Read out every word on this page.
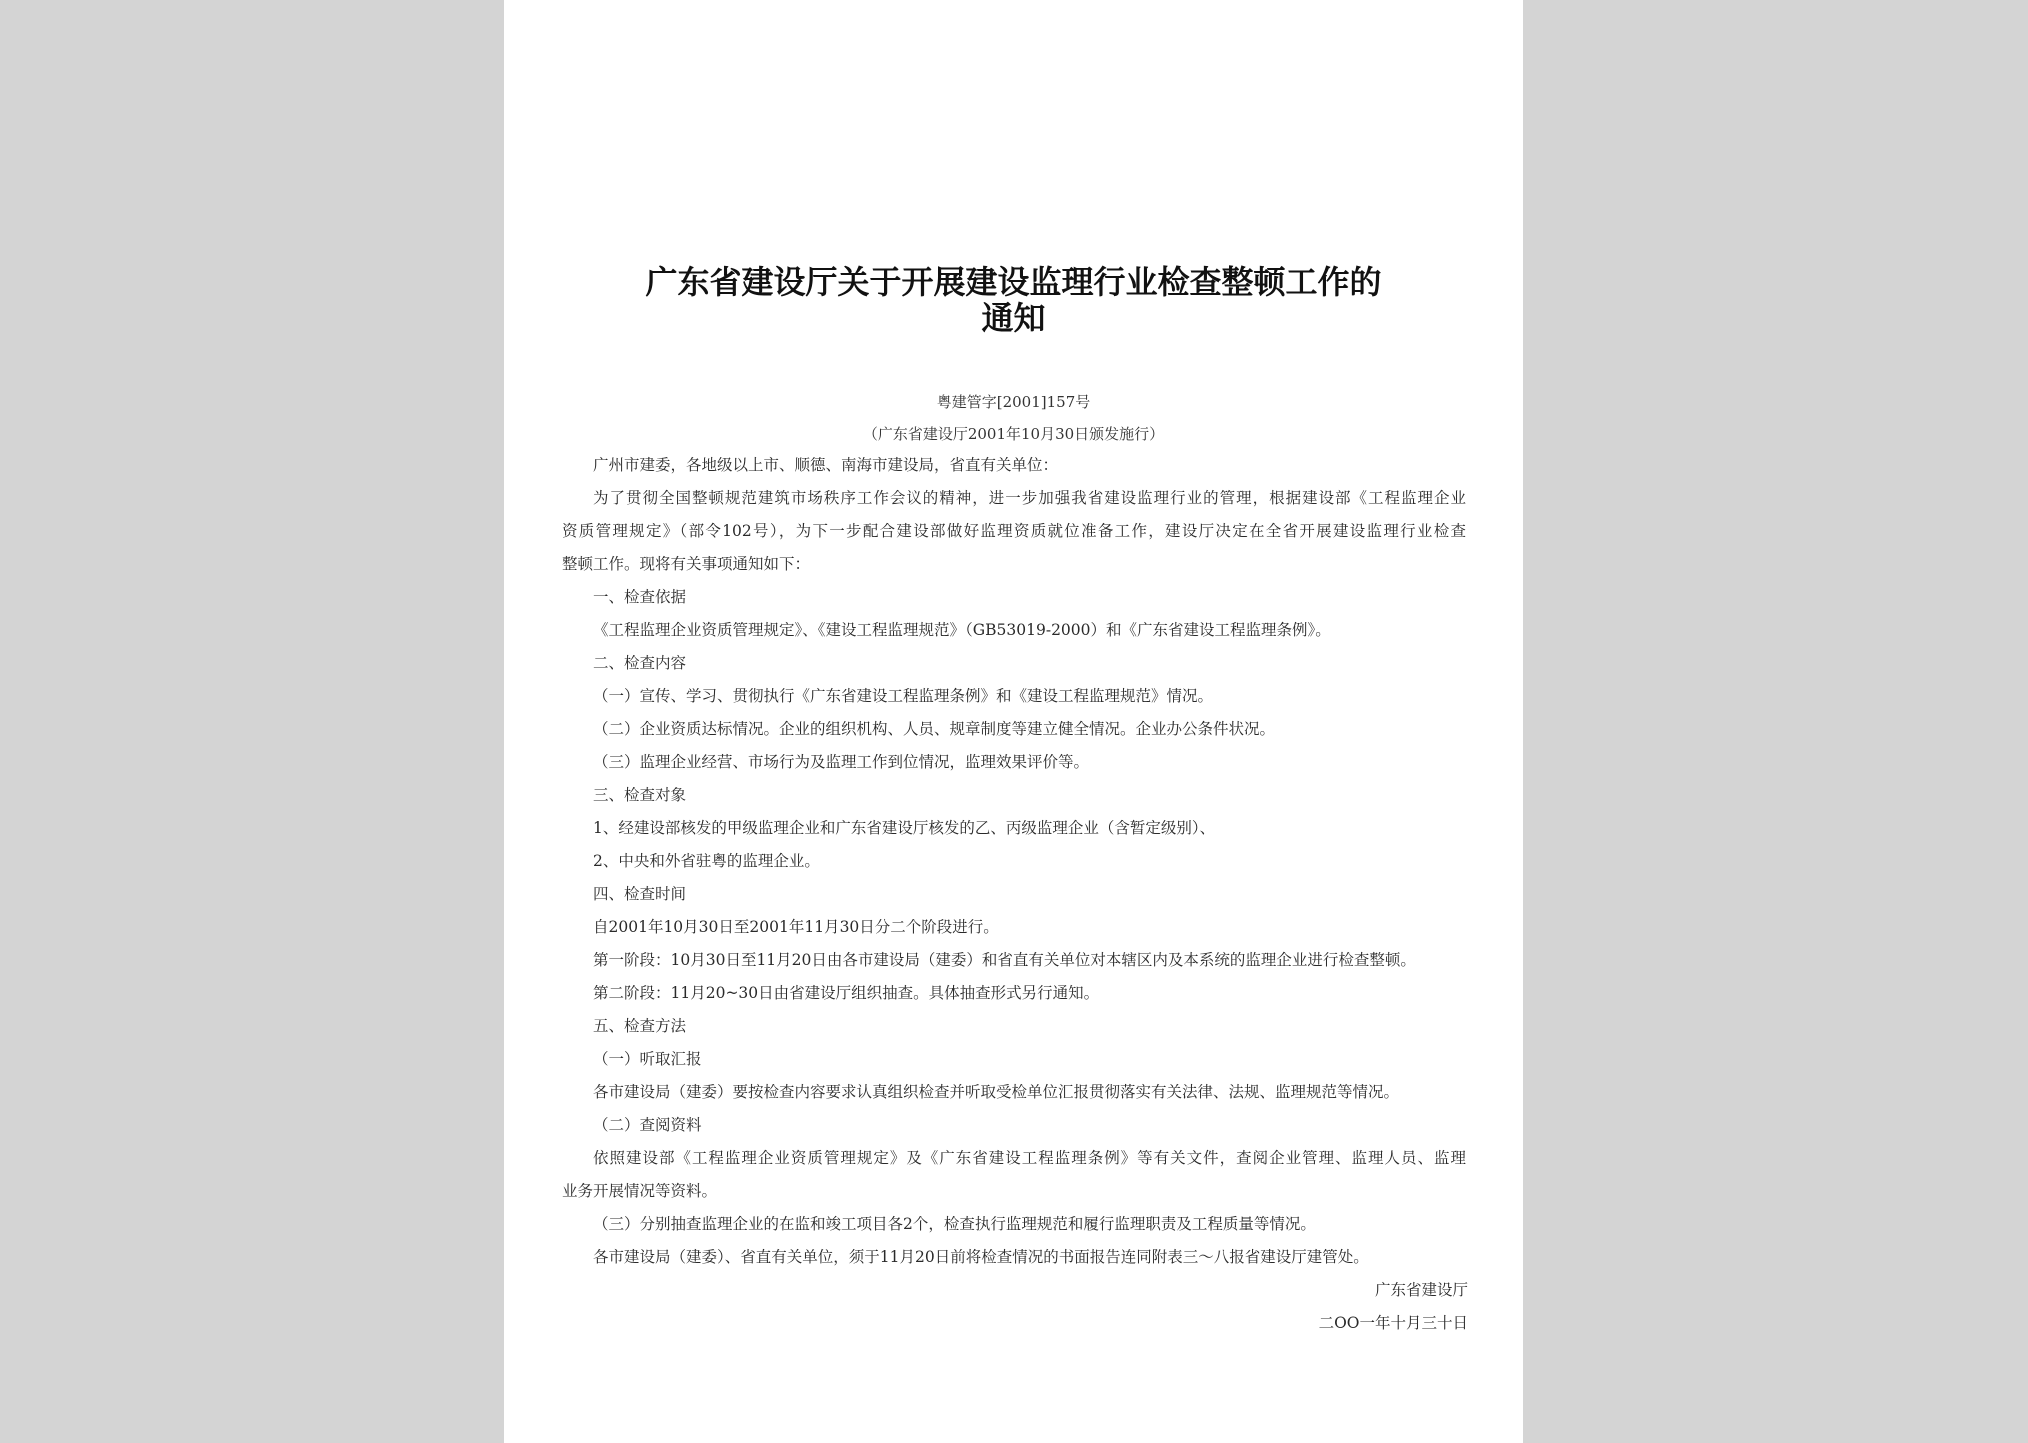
广东省建设厅关于开展建设监理行业检查整顿工作的
通知
粤建管字[2001]157号
（广东省建设厅2001年10月30日颁发施行）
广州市建委，各地级以上市、顺德、南海市建设局，省直有关单位：
为了贯彻全国整顿规范建筑市场秩序工作会议的精神，进一步加强我省建设监理行业的管理，根据建设部《工程监理企业
资质管理规定》（部令102号），为下一步配合建设部做好监理资质就位准备工作，建设厅决定在全省开展建设监理行业检查
整顿工作。现将有关事项通知如下：
一、检查依据
《工程监理企业资质管理规定》、《建设工程监理规范》（GB53019-2000）和《广东省建设工程监理条例》。
二、检查内容
（一）宣传、学习、贯彻执行《广东省建设工程监理条例》和《建设工程监理规范》情况。
（二）企业资质达标情况。企业的组织机构、人员、规章制度等建立健全情况。企业办公条件状况。
（三）监理企业经营、市场行为及监理工作到位情况，监理效果评价等。
三、检查对象
1、经建设部核发的甲级监理企业和广东省建设厅核发的乙、丙级监理企业（含暂定级别）、
2、中央和外省驻粤的监理企业。
四、检查时间
自2001年10月30日至2001年11月30日分二个阶段进行。
第一阶段：10月30日至11月20日由各市建设局（建委）和省直有关单位对本辖区内及本系统的监理企业进行检查整顿。
第二阶段：11月20~30日由省建设厅组织抽查。具体抽查形式另行通知。
五、检查方法
（一）听取汇报
各市建设局（建委）要按检查内容要求认真组织检查并听取受检单位汇报贯彻落实有关法律、法规、监理规范等情况。
（二）查阅资料
依照建设部《工程监理企业资质管理规定》及《广东省建设工程监理条例》等有关文件，查阅企业管理、监理人员、监理
业务开展情况等资料。
（三）分别抽查监理企业的在监和竣工项目各2个，检查执行监理规范和履行监理职责及工程质量等情况。
各市建设局（建委）、省直有关单位，须于11月20日前将检查情况的书面报告连同附表三～八报省建设厅建管处。
广东省建设厅
二OO一年十月三十日
